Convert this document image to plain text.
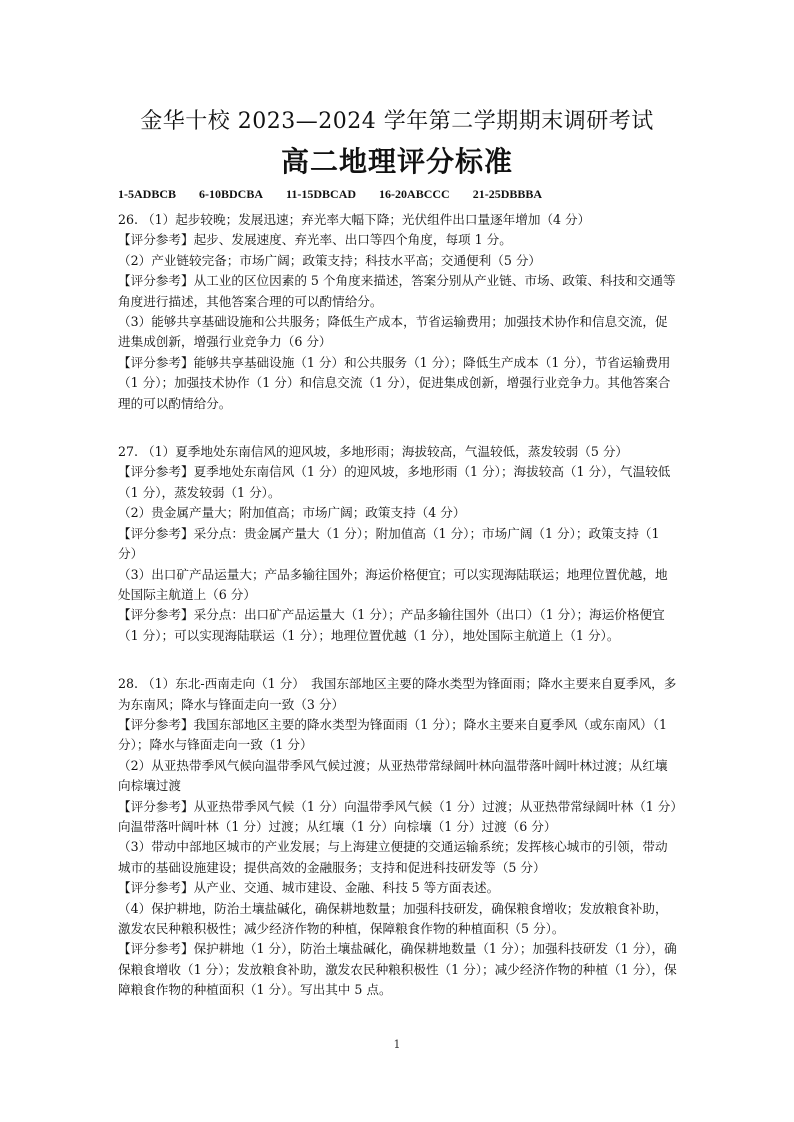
金华十校 2023—2024 学年第二学期期末调研考试
高二地理评分标准
1-5ADBCB 6-10BDCBA 11-15DBCAD 16-20ABCCC 21-25DBBBA

26. （1）起步较晚；发展迅速；弃光率大幅下降；光伏组件出口量逐年增加（4 分）

【评分参考】起步、发展速度、弃光率、出口等四个角度，每项 1 分。

（2）产业链较完备；市场广阔；政策支持；科技水平高；交通便利（5 分）

【评分参考】从工业的区位因素的 5 个角度来描述，答案分别从产业链、市场、政策、科技和交通等角度进行描述，其他答案合理的可以酌情给分。

（3）能够共享基础设施和公共服务；降低生产成本，节省运输费用；加强技术协作和信息交流，促进集成创新，增强行业竞争力（6 分）

【评分参考】能够共享基础设施（1 分）和公共服务（1 分）；降低生产成本（1 分），节省运输费用（1 分）；加强技术协作（1 分）和信息交流（1 分），促进集成创新，增强行业竞争力。其他答案合理的可以酌情给分。

27. （1）夏季地处东南信风的迎风坡，多地形雨；海拔较高，气温较低，蒸发较弱（5 分）

【评分参考】夏季地处东南信风（1 分）的迎风坡，多地形雨（1 分）；海拔较高（1 分），气温较低（1 分），蒸发较弱（1 分）。

（2）贵金属产量大；附加值高；市场广阔；政策支持（4 分）

【评分参考】采分点：贵金属产量大（1 分）；附加值高（1 分）；市场广阔（1 分）；政策支持（1 分）

（3）出口矿产品运量大；产品多输往国外；海运价格便宜；可以实现海陆联运；地理位置优越，地处国际主航道上（6 分）

【评分参考】采分点：出口矿产品运量大（1 分）；产品多输往国外（出口）（1 分）；海运价格便宜（1 分）；可以实现海陆联运（1 分）；地理位置优越（1 分），地处国际主航道上（1 分）。

28. （1）东北-西南走向（1 分）　我国东部地区主要的降水类型为锋面雨；降水主要来自夏季风，多为东南风；降水与锋面走向一致（3 分）

【评分参考】我国东部地区主要的降水类型为锋面雨（1 分）；降水主要来自夏季风（或东南风）（1 分）；降水与锋面走向一致（1 分）

（2）从亚热带季风气候向温带季风气候过渡；从亚热带常绿阔叶林向温带落叶阔叶林过渡；从红壤向棕壤过渡

【评分参考】从亚热带季风气候（1 分）向温带季风气候（1 分）过渡；从亚热带常绿阔叶林（1 分）向温带落叶阔叶林（1 分）过渡；从红壤（1 分）向棕壤（1 分）过渡（6 分）

（3）带动中部地区城市的产业发展；与上海建立便捷的交通运输系统；发挥核心城市的引领，带动城市的基础设施建设；提供高效的金融服务；支持和促进科技研发等（5 分）

【评分参考】从产业、交通、城市建设、金融、科技 5 等方面表述。

（4）保护耕地，防治土壤盐碱化，确保耕地数量；加强科技研发，确保粮食增收；发放粮食补助，激发农民种粮积极性；减少经济作物的种植，保障粮食作物的种植面积（5 分）。

【评分参考】保护耕地（1 分），防治土壤盐碱化，确保耕地数量（1 分）；加强科技研发（1 分），确保粮食增收（1 分）；发放粮食补助，激发农民种粮积极性（1 分）；减少经济作物的种植（1 分），保障粮食作物的种植面积（1 分）。写出其中 5 点。

1
